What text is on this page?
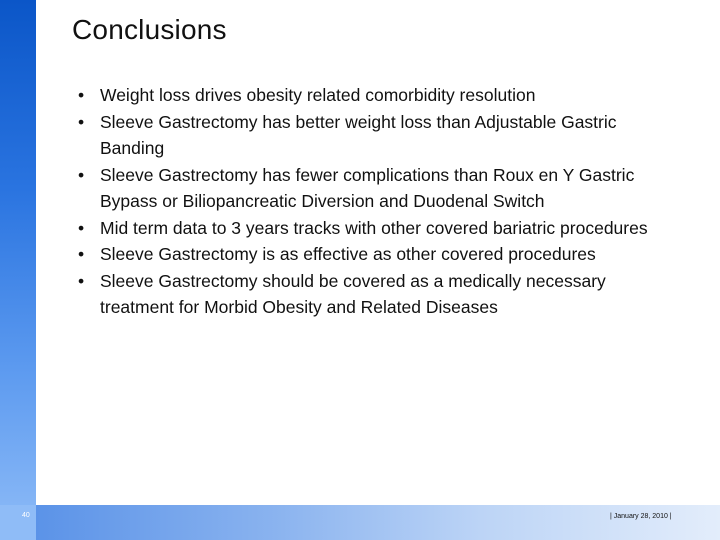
Conclusions
• Weight loss drives obesity related comorbidity resolution
• Sleeve Gastrectomy has better weight loss than Adjustable Gastric Banding
• Sleeve Gastrectomy has fewer complications than Roux en Y Gastric Bypass or Biliopancreatic Diversion and Duodenal Switch
• Mid term data to 3 years tracks with other covered bariatric procedures
• Sleeve Gastrectomy is as effective as other covered procedures
• Sleeve Gastrectomy should be covered as a medically necessary treatment for Morbid Obesity and Related Diseases
40	| January 28, 2010 |
